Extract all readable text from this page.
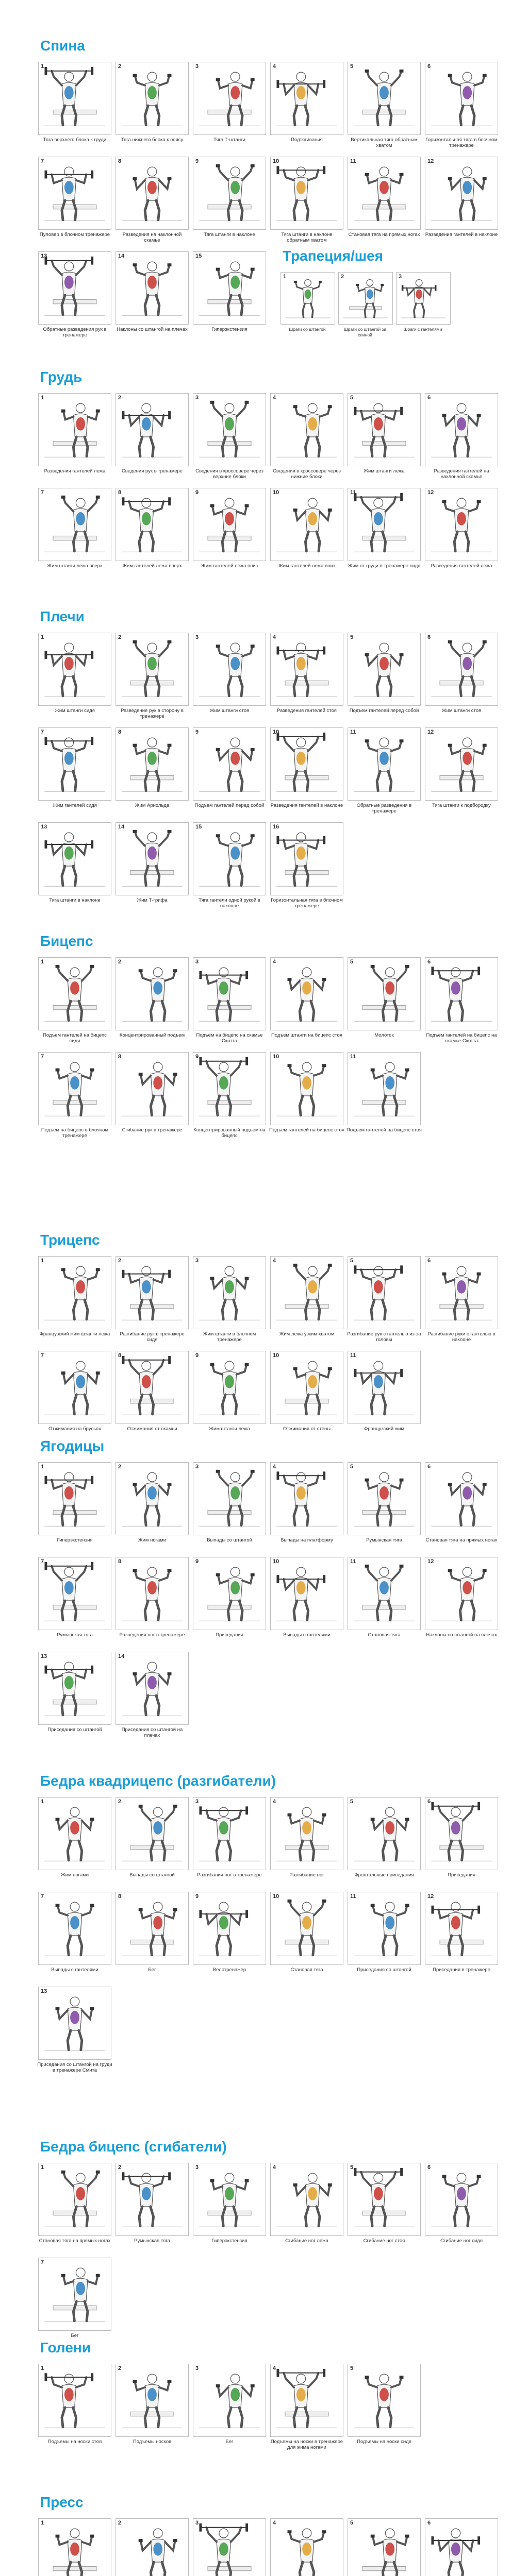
Спина
1
Тяга верхнего блока к груди
2
Тяга нижнего блока к поясу
3
Тяга Т-штанги
4
Подтягивания
5
Вертикальная тяга обратным хватом
6
Горизонтальная тяга в блочном тренажере
7
Пуловер в блочном тренажере
8
Разведения на наклонной скамье
9
Тяга штанги в наклоне
10
Тяга штанги в наклоне обратным хватом
11
Становая тяга на прямых ногах
12
Разведения гантелей в наклоне
13
Обратные разведения рук в тренажере
14
Наклоны со штангой на плечах
15
Гиперэкстензия
Трапеция/шея
1
Шраги со штангой
2
Шраги со штангой за спиной
3
Шраги с гантелями
Грудь
1
Разведения гантелей лежа
2
Сведения рук в тренажере
3
Сведения в кроссовере через верхние блоки
4
Сведения в кроссовере через нижние блоки
5
Жим штанги лежа
6
Разведения гантелей на наклонной скамье
7
Жим штанги лежа вверх
8
Жим гантелей лежа вверх
9
Жим гантелей лежа вниз
10
Жим гантелей лежа вниз
11
Жим от груди в тренажере сидя
12
Разведения гантелей лежа
Плечи
1
Жим штанги сидя
2
Разведение рук в сторону в тренажере
3
Жим штанги стоя
4
Разведения гантелей стоя
5
Подъем гантелей перед собой
6
Жим штанги стоя
7
Жим гантелей сидя
8
Жим Арнольда
9
Подъем гантелей перед собой
10
Разведения гантелей в наклоне
11
Обратные разведения в тренажере
12
Тяга штанги к подбородку
13
Тяга штанги в наклоне
14
Жим Т-грифа
15
Тяга гантели одной рукой в наклоне
16
Горизонтальная тяга в блочном тренажере
Бицепс
1
Подъем гантелей на бицепс сидя
2
Концентрированный подъем
3
Подъем на бицепс на скамье Скотта
4
Подъем штанги на бицепс стоя
5
Молоток
6
Подъем гантелей на бицепс на скамье Скотта
7
Подъем на бицепс в блочном тренажере
8
Сгибание рук в тренажере
9
Концентрированный подъем на бицепс
10
Подъем гантелей на бицепс стоя
11
Подъем гантелей на бицепс стоя
Трицепс
1
Французский жим штанги лежа
2
Разгибание рук в тренажере сидя
3
Жим штанги в блочном тренажере
4
Жим лежа узким хватом
5
Разгибание рук с гантелью из-за головы
6
Разгибание руки с гантелью в наклоне
7
Отжимания на брусьях
8
Отжимания от скамьи
9
Жим штанги лежа
10
Отжимания от стены
11
Французский жим
Ягодицы
1
Гиперэкстензия
2
Жим ногами
3
Выпады со штангой
4
Выпады на платформу
5
Румынская тяга
6
Становая тяга на прямых ногах
7
Румынская тяга
8
Разведения ног в тренажере
9
Приседания
10
Выпады с гантелями
11
Становая тяга
12
Наклоны со штангой на плечах
13
Приседания со штангой
14
Приседания со штангой на плечах
Бедра квадрицепс (разгибатели)
1
Жим ногами
2
Выпады со штангой
3
Разгибания ног в тренажере
4
Разгибание ног
5
Фронтальные приседания
6
Приседания
7
Выпады с гантелями
8
Бег
9
Велотренажер
10
Становая тяга
11
Приседания со штангой
12
Приседания в тренажере
13
Приседания со штангой на груди в тренажере Смита
Бедра бицепс (сгибатели)
1
Становая тяга на прямых ногах
2
Румынская тяга
3
Гиперэкстензия
4
Сгибание ног лежа
5
Сгибание ног стоя
6
Сгибание ног сидя
7
Бег
Голени
1
Подъемы на носки стоя
2
Подъемы носков
3
Бег
4
Подъемы на носки в тренажере для жима ногами
5
Подъемы на носки сидя
Пресс
1	2	3	4	5	6
